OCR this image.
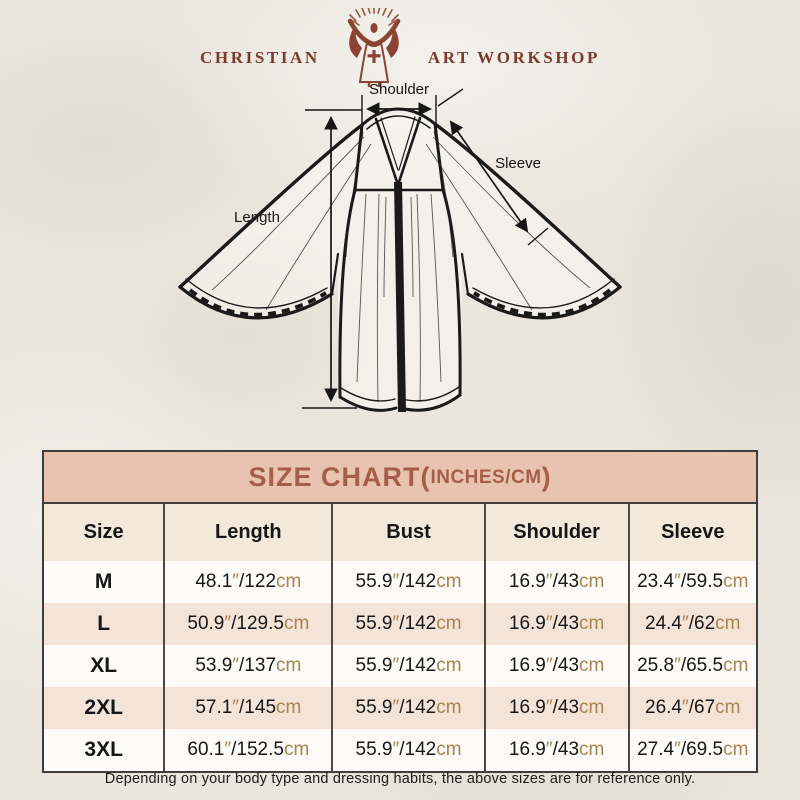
CHRISTIAN	ART WORKSHOP
Shoulder
Length
Sleeve
SIZE CHART ( INCHES/CM )
Size	Length	Bust	Shoulder	Sleeve
M	48.1″/122cm	55.9″/142cm	16.9″/43cm	23.4″/59.5cm
L	50.9″/129.5cm	55.9″/142cm	16.9″/43cm	24.4″/62cm
XL	53.9″/137cm	55.9″/142cm	16.9″/43cm	25.8″/65.5cm
2XL	57.1″/145cm	55.9″/142cm	16.9″/43cm	26.4″/67cm
3XL	60.1″/152.5cm	55.9″/142cm	16.9″/43cm	27.4″/69.5cm
Depending on your body type and dressing habits, the above sizes are for reference only.
